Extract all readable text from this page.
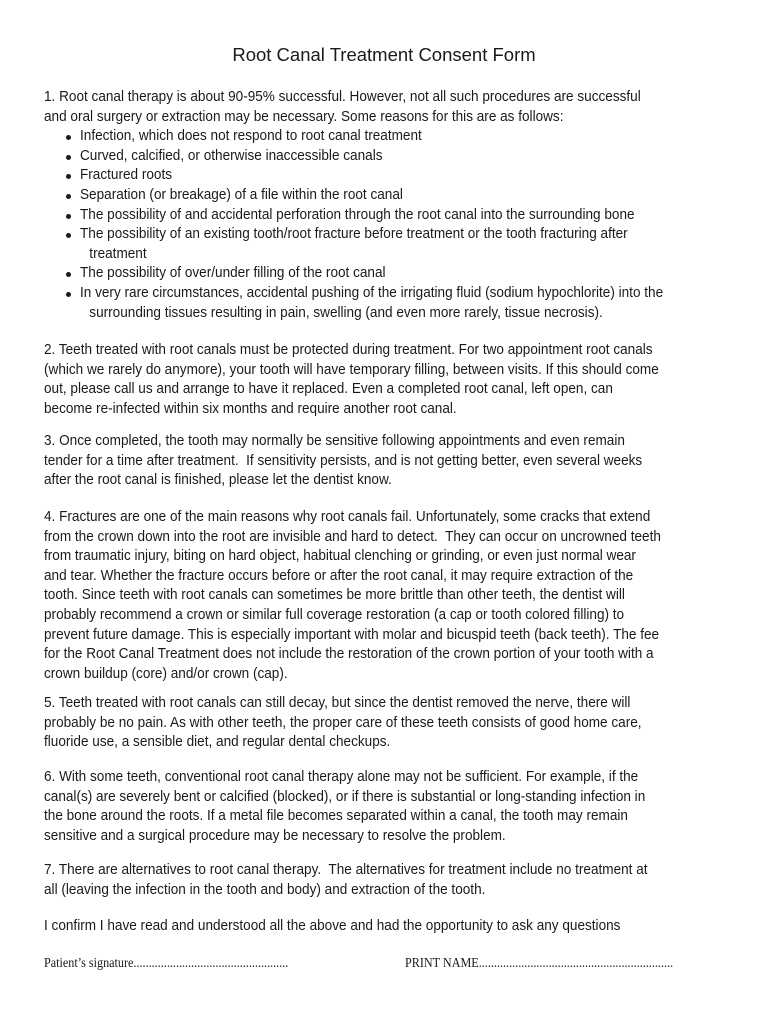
Root Canal Treatment Consent Form
1. Root canal therapy is about 90-95% successful. However, not all such procedures are successful
and oral surgery or extraction may be necessary. Some reasons for this are as follows:
Infection, which does not respond to root canal treatment
Curved, calcified, or otherwise inaccessible canals
Fractured roots
Separation (or breakage) of a file within the root canal
The possibility of and accidental perforation through the root canal into the surrounding bone
The possibility of an existing tooth/root fracture before treatment or the tooth fracturing after
treatment
The possibility of over/under filling of the root canal
In very rare circumstances, accidental pushing of the irrigating fluid (sodium hypochlorite) into the
surrounding tissues resulting in pain, swelling (and even more rarely, tissue necrosis).
2. Teeth treated with root canals must be protected during treatment. For two appointment root canals
(which we rarely do anymore), your tooth will have temporary filling, between visits. If this should come
out, please call us and arrange to have it replaced. Even a completed root canal, left open, can
become re-infected within six months and require another root canal.
3. Once completed, the tooth may normally be sensitive following appointments and even remain
tender for a time after treatment.  If sensitivity persists, and is not getting better, even several weeks
after the root canal is finished, please let the dentist know.
4. Fractures are one of the main reasons why root canals fail. Unfortunately, some cracks that extend
from the crown down into the root are invisible and hard to detect.  They can occur on uncrowned teeth
from traumatic injury, biting on hard object, habitual clenching or grinding, or even just normal wear
and tear. Whether the fracture occurs before or after the root canal, it may require extraction of the
tooth. Since teeth with root canals can sometimes be more brittle than other teeth, the dentist will
probably recommend a crown or similar full coverage restoration (a cap or tooth colored filling) to
prevent future damage. This is especially important with molar and bicuspid teeth (back teeth). The fee
for the Root Canal Treatment does not include the restoration of the crown portion of your tooth with a
crown buildup (core) and/or crown (cap).
5. Teeth treated with root canals can still decay, but since the dentist removed the nerve, there will
probably be no pain. As with other teeth, the proper care of these teeth consists of good home care,
fluoride use, a sensible diet, and regular dental checkups.
6. With some teeth, conventional root canal therapy alone may not be sufficient. For example, if the
canal(s) are severely bent or calcified (blocked), or if there is substantial or long-standing infection in
the bone around the roots. If a metal file becomes separated within a canal, the tooth may remain
sensitive and a surgical procedure may be necessary to resolve the problem.
7. There are alternatives to root canal therapy.  The alternatives for treatment include no treatment at
all (leaving the infection in the tooth and body) and extraction of the tooth.
I confirm I have read and understood all the above and had the opportunity to ask any questions
Patient’s signature...................................................	PRINT NAME................................................................
